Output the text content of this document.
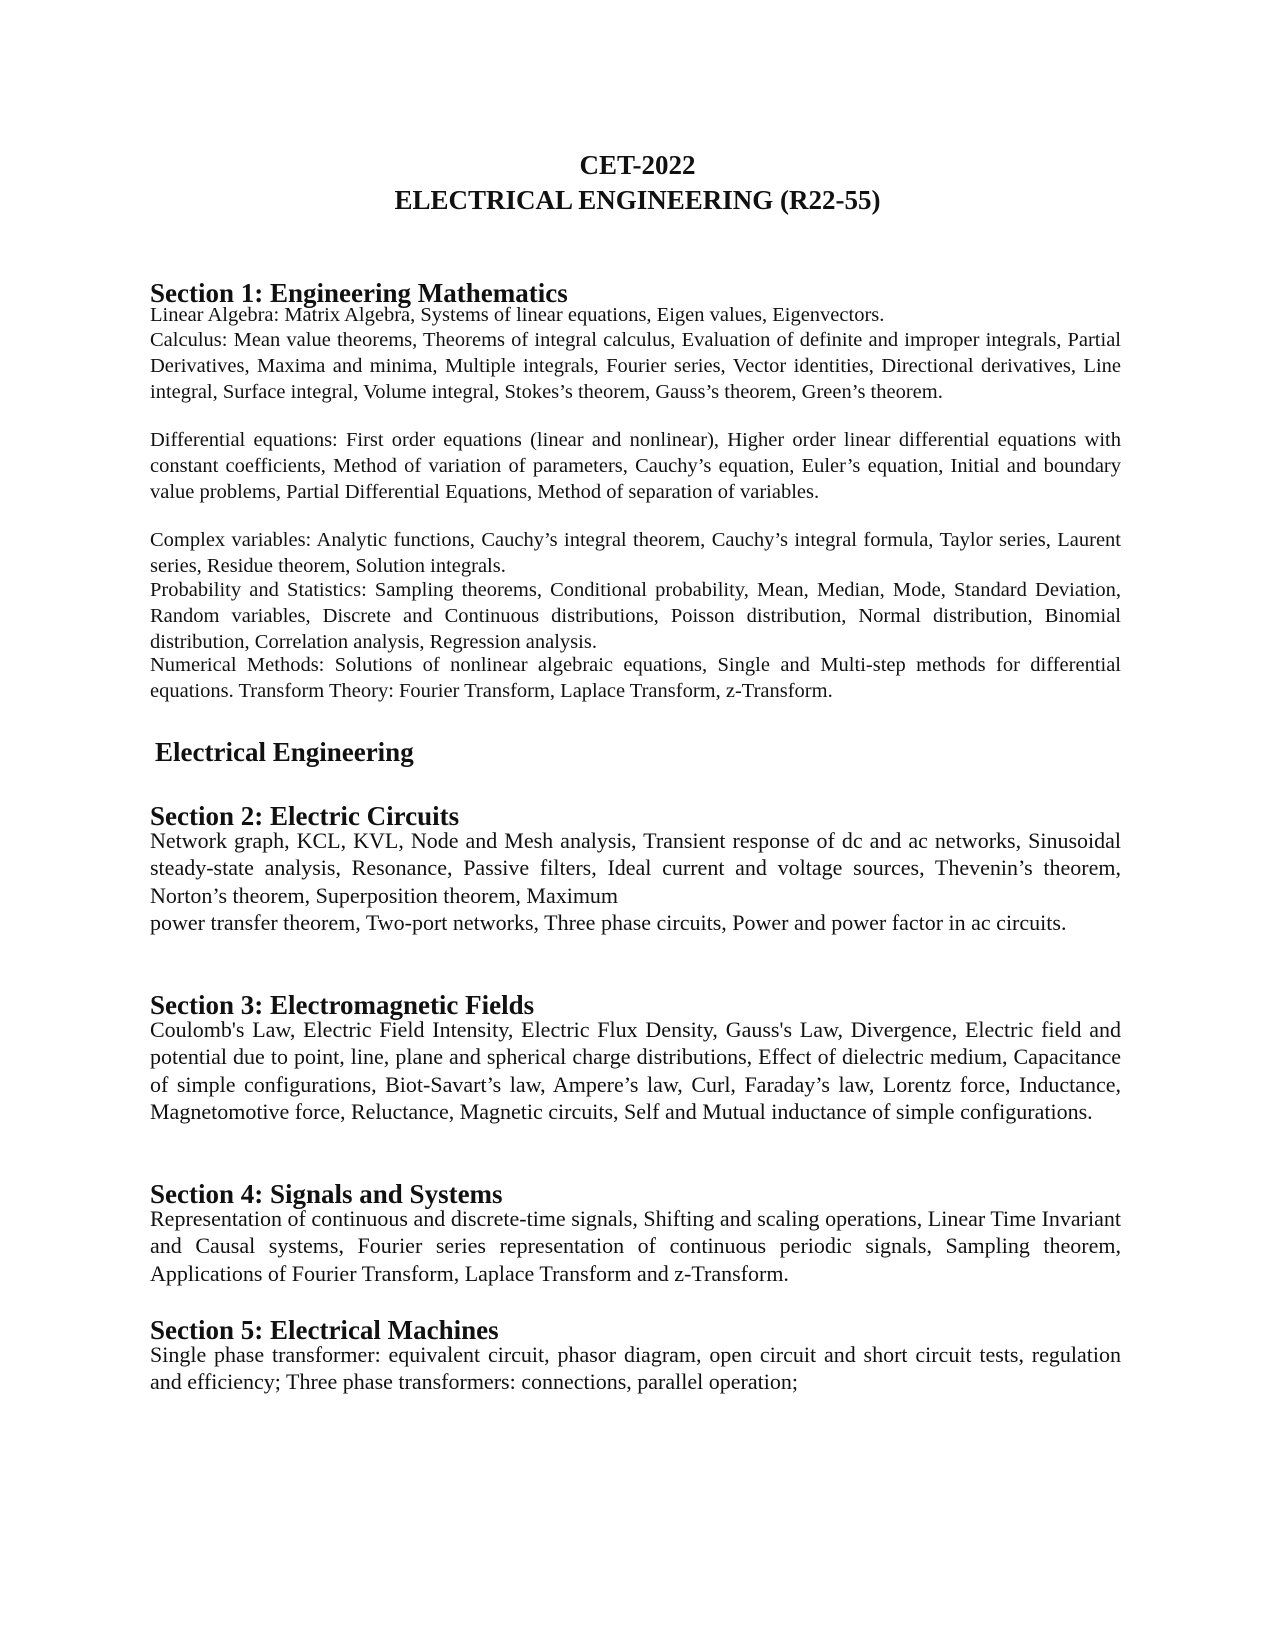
CET-2022
ELECTRICAL ENGINEERING (R22-55)
Section 1: Engineering Mathematics
Linear Algebra: Matrix Algebra, Systems of linear equations, Eigen values, Eigenvectors.
Calculus: Mean value theorems, Theorems of integral calculus, Evaluation of definite and improper integrals, Partial Derivatives, Maxima and minima, Multiple integrals, Fourier series, Vector identities, Directional derivatives, Line integral, Surface integral, Volume integral, Stokes’s theorem, Gauss’s theorem, Green’s theorem.
Differential equations: First order equations (linear and nonlinear), Higher order linear differential equations with constant coefficients, Method of variation of parameters, Cauchy’s equation, Euler’s equation, Initial and boundary value problems, Partial Differential Equations, Method of separation of variables.
Complex variables: Analytic functions, Cauchy’s integral theorem, Cauchy’s integral formula, Taylor series, Laurent series, Residue theorem, Solution integrals.
Probability and Statistics: Sampling theorems, Conditional probability, Mean, Median, Mode, Standard Deviation, Random variables, Discrete and Continuous distributions, Poisson distribution, Normal distribution, Binomial distribution, Correlation analysis, Regression analysis.
Numerical Methods: Solutions of nonlinear algebraic equations, Single and Multi-step methods for differential equations. Transform Theory: Fourier Transform, Laplace Transform, z-Transform.
Electrical Engineering
Section 2: Electric Circuits
Network graph, KCL, KVL, Node and Mesh analysis, Transient response of dc and ac networks, Sinusoidal steady-state analysis, Resonance, Passive filters, Ideal current and voltage sources, Thevenin’s theorem, Norton’s theorem, Superposition theorem, Maximum
power transfer theorem, Two-port networks, Three phase circuits, Power and power factor in ac circuits.
Section 3: Electromagnetic Fields
Coulomb's Law, Electric Field Intensity, Electric Flux Density, Gauss's Law, Divergence, Electric field and potential due to point, line, plane and spherical charge distributions, Effect of dielectric medium, Capacitance of simple configurations, Biot-Savart’s law, Ampere’s law, Curl, Faraday’s law, Lorentz force, Inductance, Magnetomotive force, Reluctance, Magnetic circuits, Self and Mutual inductance of simple configurations.
Section 4: Signals and Systems
Representation of continuous and discrete-time signals, Shifting and scaling operations, Linear Time Invariant and Causal systems, Fourier series representation of continuous periodic signals, Sampling theorem, Applications of Fourier Transform, Laplace Transform and z-Transform.
Section 5: Electrical Machines
Single phase transformer: equivalent circuit, phasor diagram, open circuit and short circuit tests, regulation and efficiency; Three phase transformers: connections, parallel operation;
